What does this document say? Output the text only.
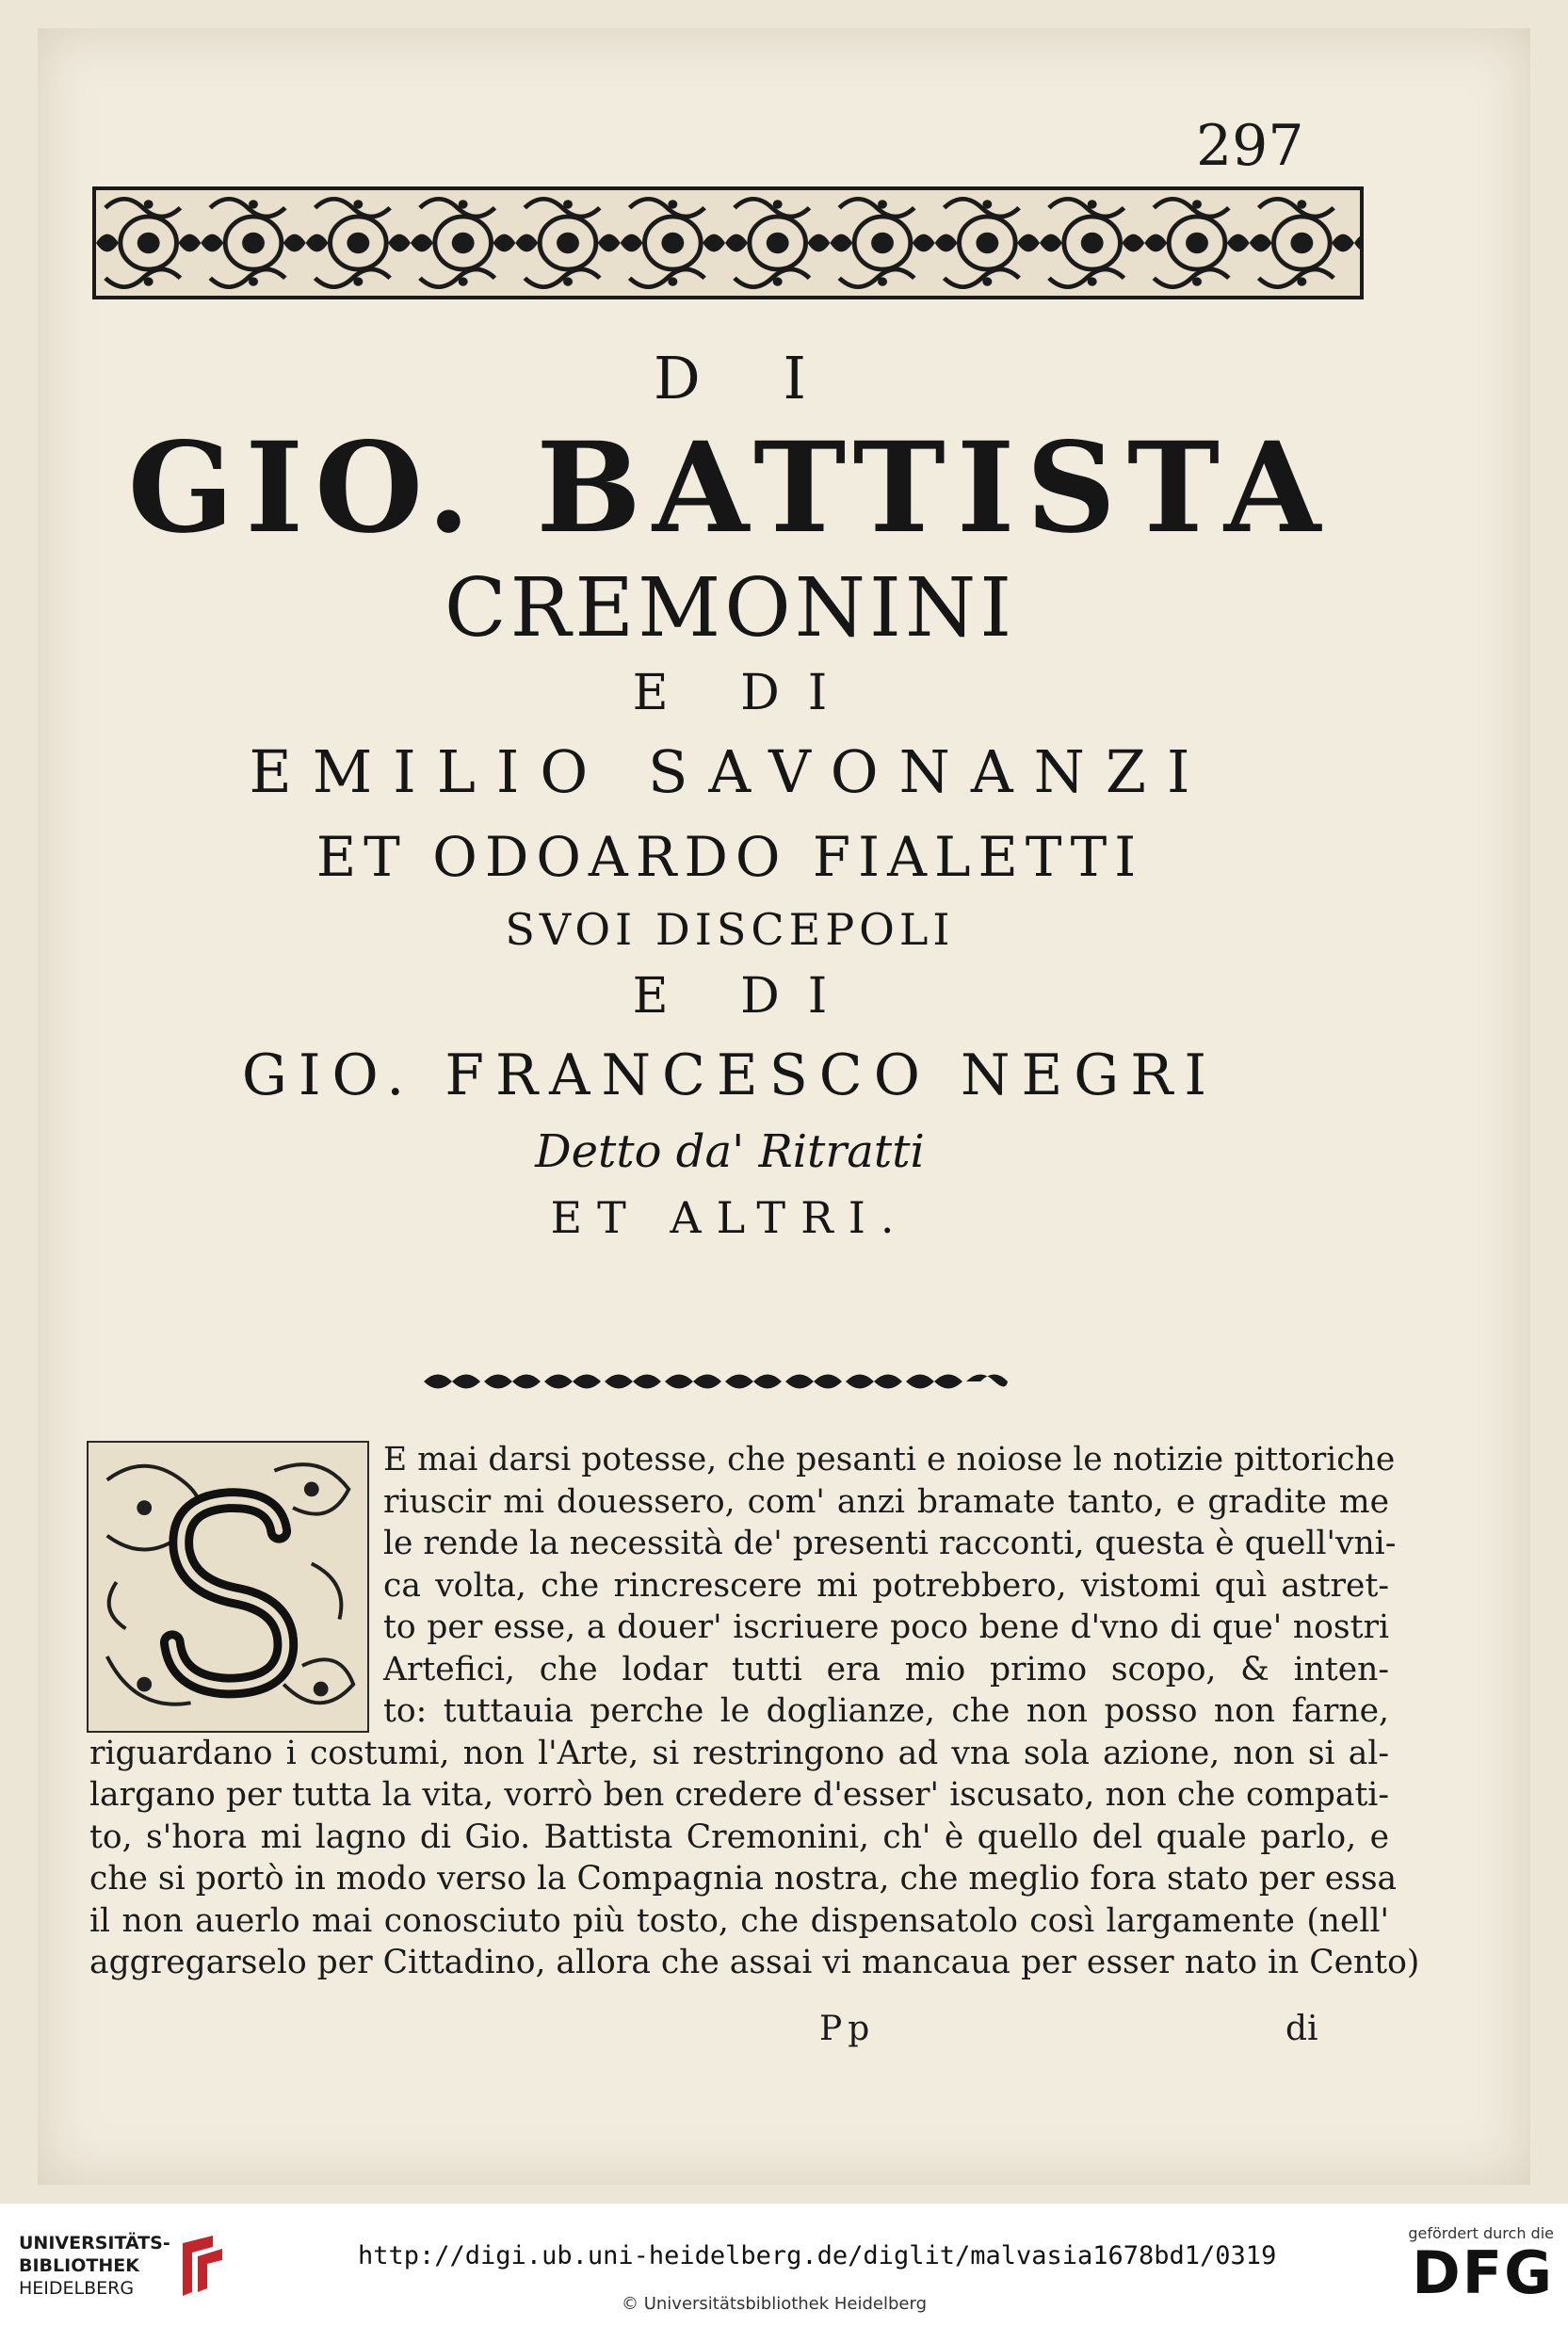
297
D I
GIO. BATTISTA
CREMONINI
E DI
EMILIO SAVONANZI
ET ODOARDO FIALETTI
SVOI DISCEPOLI
E DI
GIO. FRANCESCO NEGRI
Detto da' Ritratti
ET ALTRI.
E mai darsi potesse, che pesanti e noiose le notizie pittoriche
riuscir mi douessero, com' anzi bramate tanto, e gradite me
le rende la necessità de' presenti racconti, questa è quell'vni-
ca volta, che rincrescere mi potrebbero, vistomi quì astret-
to per esse, a douer' iscriuere poco bene d'vno di que' nostri
Artefici, che lodar tutti era mio primo scopo, & inten-
to: tuttauia perche le doglianze, che non posso non farne,
riguardano i costumi, non l'Arte, si restringono ad vna sola azione, non si al-
largano per tutta la vita, vorrò ben credere d'esser' iscusato, non che compati-
to, s'hora mi lagno di Gio. Battista Cremonini, ch' è quello del quale parlo, e
che si portò in modo verso la Compagnia nostra, che meglio fora stato per essa
il non auerlo mai conosciuto più tosto, che dispensatolo così largamente (nell'
aggregarselo per Cittadino, allora che assai vi mancaua per esser nato in Cento)
Pp	di
UNIVERSITÄTS-
BIBLIOTHEK
HEIDELBERG
http://digi.ub.uni-heidelberg.de/diglit/malvasia1678bd1/0319
© Universitätsbibliothek Heidelberg
gefördert durch die
DFG
